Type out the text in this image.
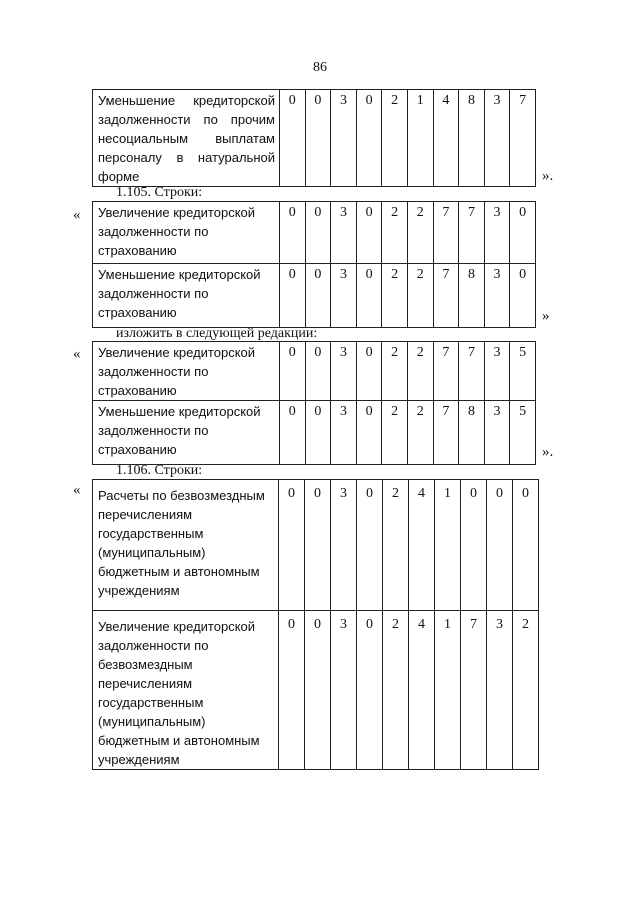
86
Уменьшение кредиторской задолженности по прочим несоциальным выплатам персоналу в натуральной форме	0	0	3	0	2	1	4	8	3	7
».
1.105. Строки:
« Увеличение кредиторской задолженности по страхованию	0	0	3	0	2	2	7	7	3	0
Уменьшение кредиторской задолженности по страхованию	0	0	3	0	2	2	7	8	3	0
»
изложить в следующей редакции:
« Увеличение кредиторской задолженности по страхованию	0	0	3	0	2	2	7	7	3	5
Уменьшение кредиторской задолженности по страхованию	0	0	3	0	2	2	7	8	3	5
».
1.106. Строки:
« Расчеты по безвозмездным перечислениям государственным (муниципальным) бюджетным и автономным учреждениям	0	0	3	0	2	4	1	0	0	0
Увеличение кредиторской задолженности по безвозмездным перечислениям государственным (муниципальным) бюджетным и автономным учреждениям	0	0	3	0	2	4	1	7	3	2
